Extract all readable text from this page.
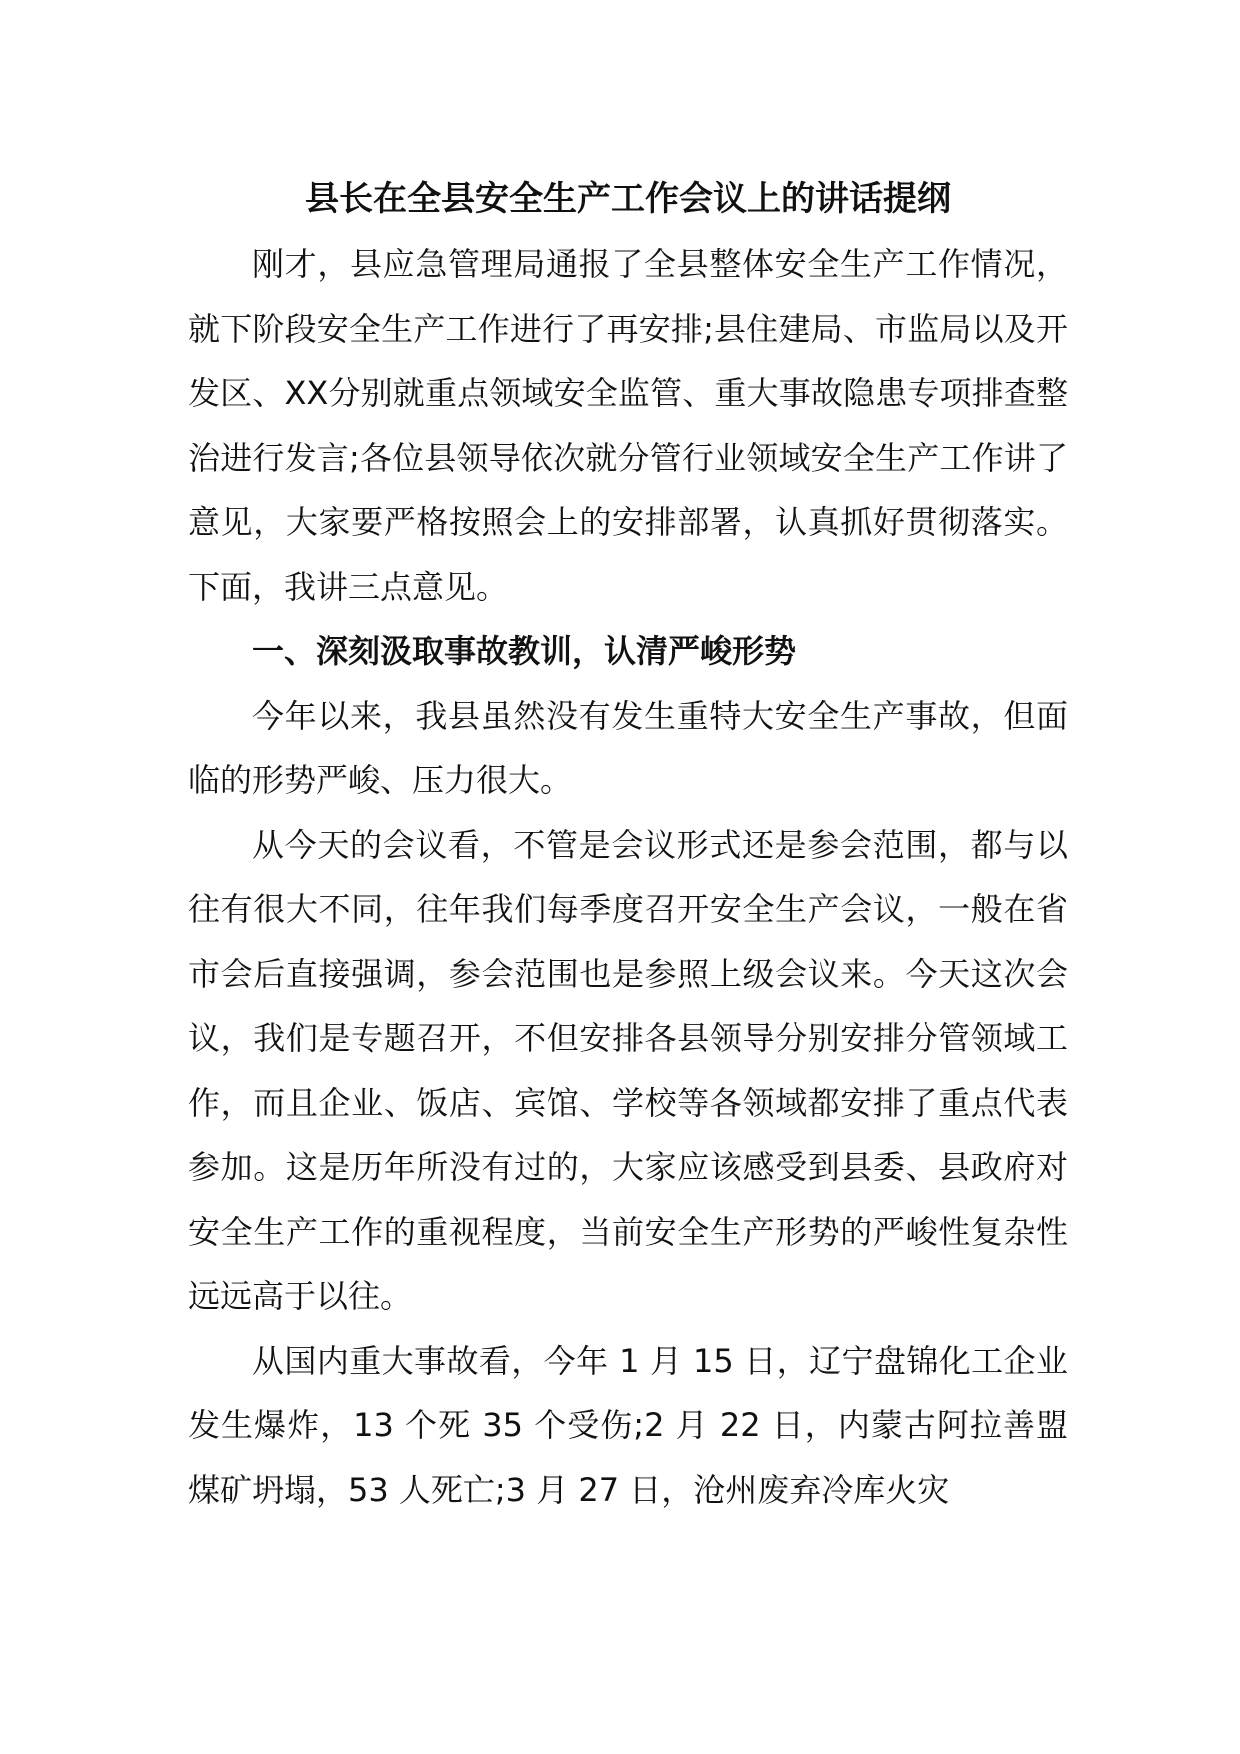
县长在全县安全生产工作会议上的讲话提纲

刚才，县应急管理局通报了全县整体安全生产工作情况，就下阶段安全生产工作进行了再安排;县住建局、市监局以及开发区、XX分别就重点领域安全监管、重大事故隐患专项排查整治进行发言;各位县领导依次就分管行业领域安全生产工作讲了意见，大家要严格按照会上的安排部署，认真抓好贯彻落实。下面，我讲三点意见。

一、深刻汲取事故教训，认清严峻形势

今年以来，我县虽然没有发生重特大安全生产事故，但面临的形势严峻、压力很大。

从今天的会议看，不管是会议形式还是参会范围，都与以往有很大不同，往年我们每季度召开安全生产会议，一般在省市会后直接强调，参会范围也是参照上级会议来。今天这次会议，我们是专题召开，不但安排各县领导分别安排分管领域工作，而且企业、饭店、宾馆、学校等各领域都安排了重点代表参加。这是历年所没有过的，大家应该感受到县委、县政府对安全生产工作的重视程度，当前安全生产形势的严峻性复杂性远远高于以往。

从国内重大事故看，今年 1 月 15 日，辽宁盘锦化工企业发生爆炸，13 个死 35 个受伤;2 月 22 日，内蒙古阿拉善盟煤矿坍塌，53 人死亡;3 月 27 日，沧州废弃冷库火灾
